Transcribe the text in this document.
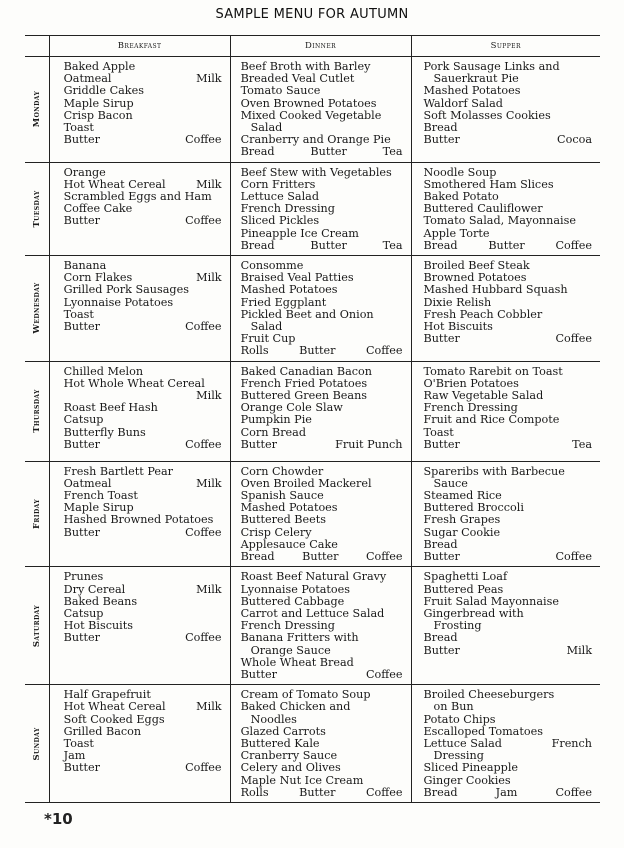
SAMPLE MENU FOR AUTUMN
	Breakfast	Dinner	Supper

Monday

Baked Apple
Oatmeal	Milk
Griddle Cakes
Maple Sirup
Crisp Bacon
Toast
Butter	Coffee

Beef Broth with Barley
Breaded Veal Cutlet
Tomato Sauce
Oven Browned Potatoes
Mixed Cooked Vegetable
Salad
Cranberry and Orange Pie
Bread	Butter	Tea

Pork Sausage Links and
Sauerkraut Pie
Mashed Potatoes
Waldorf Salad
Soft Molasses Cookies
Bread
Butter	Cocoa

Tuesday

Orange
Hot Wheat Cereal	Milk
Scrambled Eggs and Ham
Coffee Cake
Butter	Coffee

Beef Stew with Vegetables
Corn Fritters
Lettuce Salad
French Dressing
Sliced Pickles
Pineapple Ice Cream
Bread	Butter	Tea

Noodle Soup
Smothered Ham Slices
Baked Potato
Buttered Cauliflower
Tomato Salad, Mayonnaise
Apple Torte
Bread	Butter	Coffee

Wednesday

Banana
Corn Flakes	Milk
Grilled Pork Sausages
Lyonnaise Potatoes
Toast
Butter	Coffee

Consomme
Braised Veal Patties
Mashed Potatoes
Fried Eggplant
Pickled Beet and Onion
Salad
Fruit Cup
Rolls	Butter	Coffee

Broiled Beef Steak
Browned Potatoes
Mashed Hubbard Squash
Dixie Relish
Fresh Peach Cobbler
Hot Biscuits
Butter	Coffee

Thursday

Chilled Melon
Hot Whole Wheat Cereal
Milk
Roast Beef Hash
Catsup
Butterfly Buns
Butter	Coffee

Baked Canadian Bacon
French Fried Potatoes
Buttered Green Beans
Orange Cole Slaw
Pumpkin Pie
Corn Bread
Butter	Fruit Punch

Tomato Rarebit on Toast
O'Brien Potatoes
Raw Vegetable Salad
French Dressing
Fruit and Rice Compote
Toast
Butter	Tea

Friday

Fresh Bartlett Pear
Oatmeal	Milk
French Toast
Maple Sirup
Hashed Browned Potatoes
Butter	Coffee

Corn Chowder
Oven Broiled Mackerel
Spanish Sauce
Mashed Potatoes
Buttered Beets
Crisp Celery
Applesauce Cake
Bread Butter Coffee

Spareribs with Barbecue
Sauce
Steamed Rice
Buttered Broccoli
Fresh Grapes
Sugar Cookie
Bread
Butter	Coffee

Saturday

Prunes
Dry Cereal	Milk
Baked Beans
Catsup
Hot Biscuits
Butter	Coffee

Roast Beef Natural Gravy
Lyonnaise Potatoes
Buttered Cabbage
Carrot and Lettuce Salad
French Dressing
Banana Fritters with
Orange Sauce
Whole Wheat Bread
Butter	Coffee

Spaghetti Loaf
Buttered Peas
Fruit Salad Mayonnaise
Gingerbread with
Frosting
Bread
Butter	Milk

Sunday

Half Grapefruit
Hot Wheat Cereal	Milk
Soft Cooked Eggs
Grilled Bacon
Toast
Jam
Butter	Coffee

Cream of Tomato Soup
Baked Chicken and
Noodles
Glazed Carrots
Buttered Kale
Cranberry Sauce
Celery and Olives
Maple Nut Ice Cream
Rolls	Butter	Coffee

Broiled Cheeseburgers
on Bun
Potato Chips
Escalloped Tomatoes
Lettuce Salad	French
Dressing
Sliced Pineapple
Ginger Cookies
Bread	Jam	Coffee
*10
